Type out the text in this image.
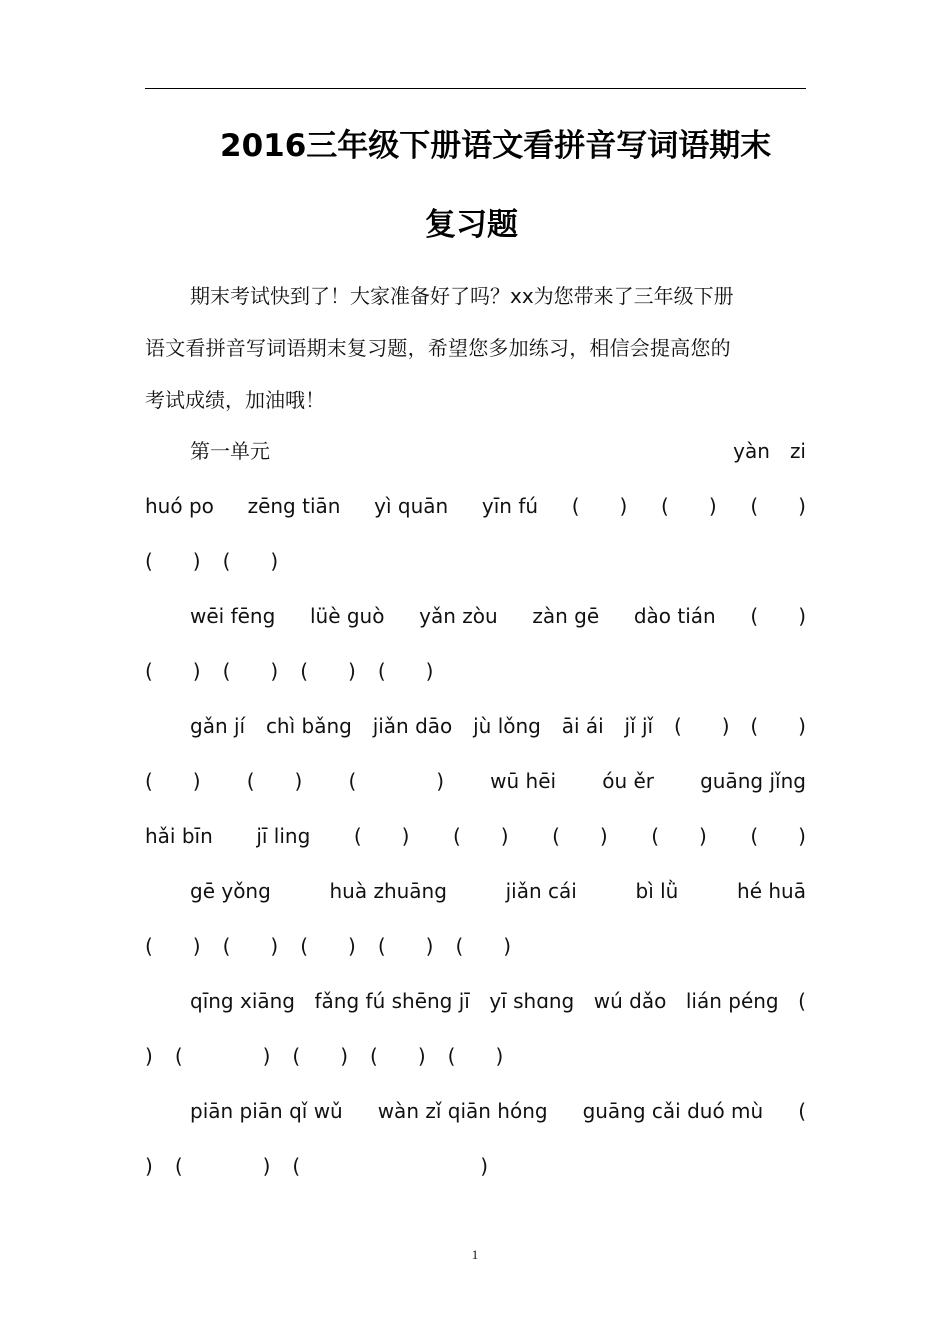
2016三年级下册语文看拼音写词语期末
复习题
期末考试快到了！大家准备好了吗？xx为您带来了三年级下册
语文看拼音写词语期末复习题，希望您多加练习，相信会提高您的
考试成绩，加油哦！
第一单元	yàn　zi
huó po zēng tiān yì quān yīn fú (　　) (　　) (　　)
(　　) (　　)
wēi fēng lüè guò yǎn zòu zàn gē dào tián (　　)
(　　) (　　) (　　) (　　)
gǎn jí chì bǎng jiǎn dāo jù lǒng āi ái jǐ jǐ (　　) (　　)
(　　) (　　) (　　　　) wū hēi óu ěr guāng jǐng
hǎi bīn jī ling (　　) (　　) (　　) (　　) (　　)
gē yǒng	huà zhuāng	jiǎn cái	bì lǜ	hé huā
(　　) (　　) (　　) (　　) (　　)
qīng xiāng fǎng fú shēng jī yī shɑng wú dǎo lián péng (
) (　　　　) (　　) (　　) (　　)
piān piān qǐ wǔ wàn zǐ qiān hóng guāng cǎi duó mù (
) (　　　　) (　　　　　　　　　)
1
